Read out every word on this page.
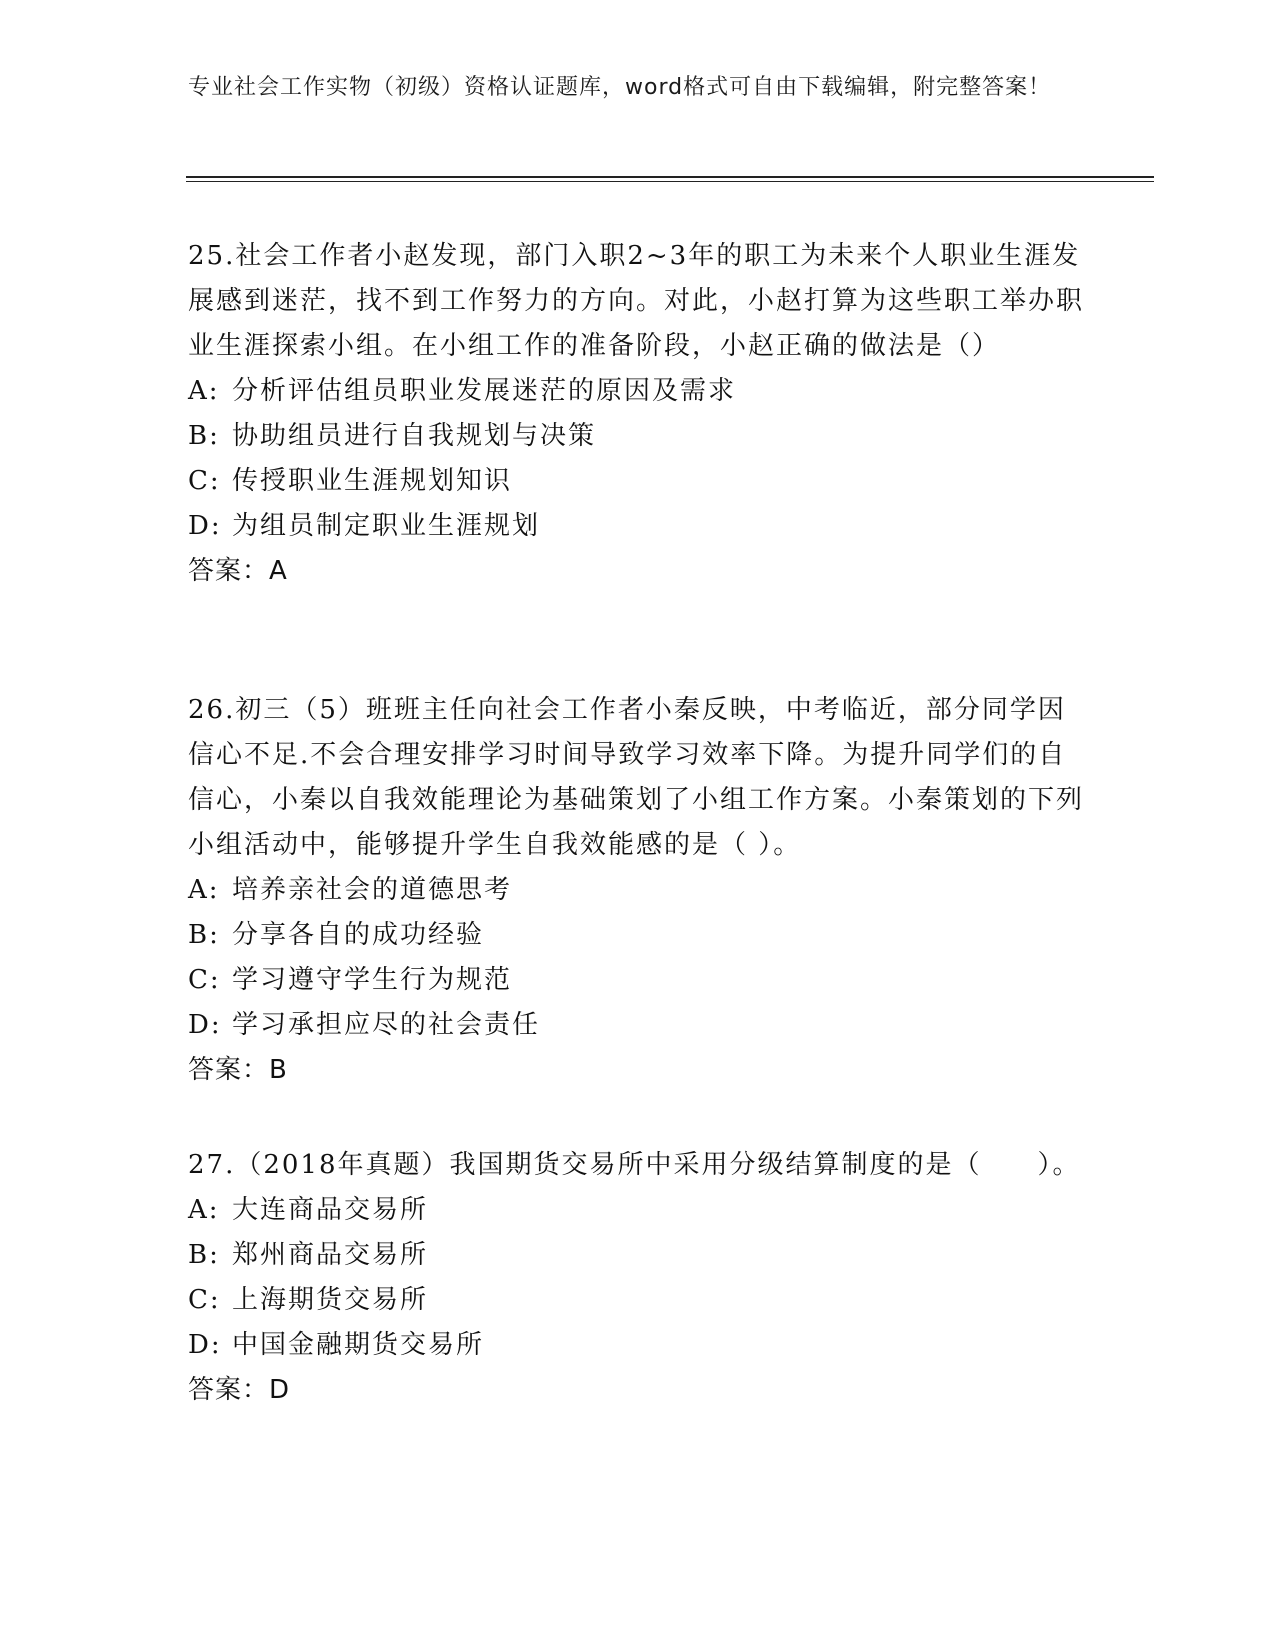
专业社会工作实物（初级）资格认证题库，word格式可自由下载编辑，附完整答案！

25.社会工作者小赵发现，部门入职2~3年的职工为未来个人职业生涯发展感到迷茫，找不到工作努力的方向。对此，小赵打算为这些职工举办职业生涯探索小组。在小组工作的准备阶段，小赵正确的做法是（）

A: 分析评估组员职业发展迷茫的原因及需求

B: 协助组员进行自我规划与决策

C: 传授职业生涯规划知识

D: 为组员制定职业生涯规划

答案：A

26.初三（5）班班主任向社会工作者小秦反映，中考临近，部分同学因信心不足.不会合理安排学习时间导致学习效率下降。为提升同学们的自信心，小秦以自我效能理论为基础策划了小组工作方案。小秦策划的下列小组活动中，能够提升学生自我效能感的是（ ）。

A: 培养亲社会的道德思考

B: 分享各自的成功经验

C: 学习遵守学生行为规范

D: 学习承担应尽的社会责任

答案：B

27.（2018年真题）我国期货交易所中采用分级结算制度的是（　　）。

A: 大连商品交易所

B: 郑州商品交易所

C: 上海期货交易所

D: 中国金融期货交易所

答案：D
